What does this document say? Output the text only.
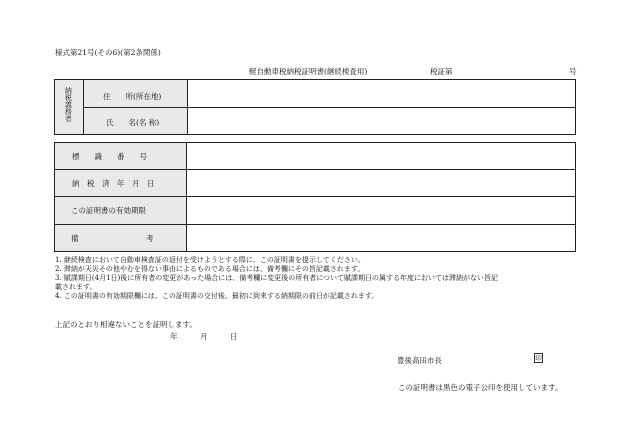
様式第21号(その6)(第2条関係)
軽自動車税納税証明書(継続検査用)	税証第	号
納税義務者	住　　所(所在地)
氏　　名(名 称)
標　　識　　番　　号
納　税　済　年　月　日
この証明書の有効期限
備　　　　　　　　　考
1. 継続検査において自動車検査証の返付を受けようとする際に、この証明書を提示してください。
2. 滞納が天災その他やむを得ない事由によるものである場合には、備考欄にその旨記載されます。
3. 賦課期日(4月1日)後に所有者の変更があった場合には、備考欄に変更後の所有者について賦課期日の属する年度においては滞納がない旨記
載されます。
4. この証明書の有効期限欄には、この証明書の交付後、最初に到来する納期限の前日が記載されます。
上記のとおり相違ないことを証明します。
年　　　月　　　日
豊後高田市長	印
この証明書は黒色の電子公印を使用しています。
